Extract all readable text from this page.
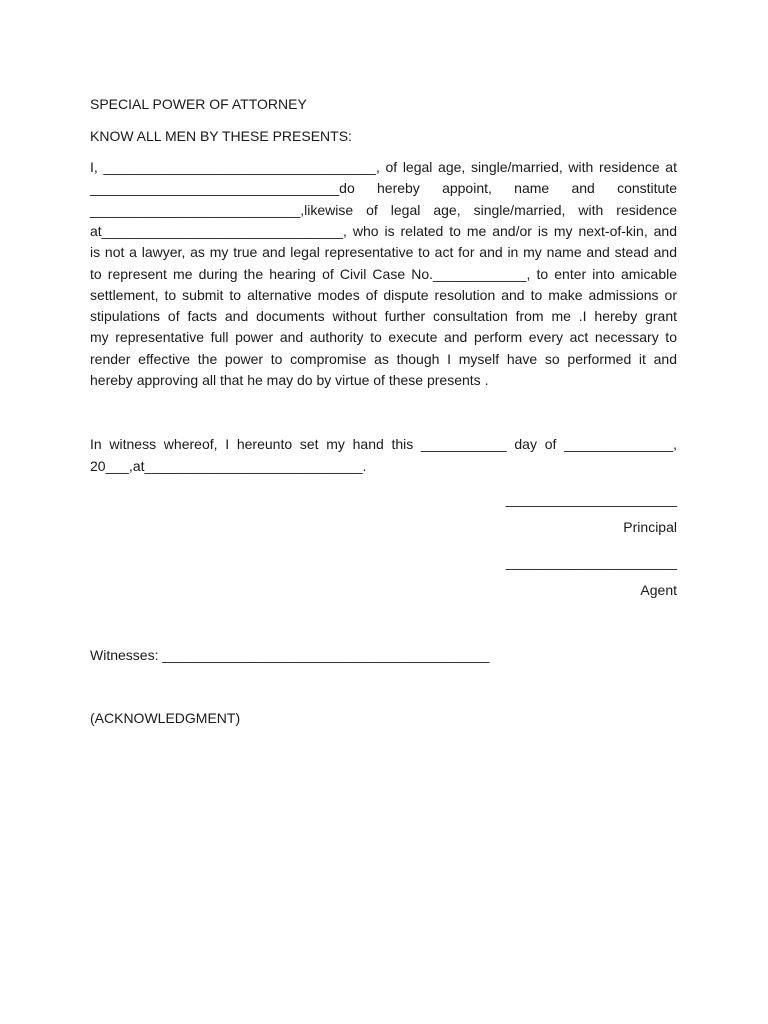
SPECIAL POWER OF ATTORNEY
KNOW ALL MEN BY THESE PRESENTS:
I, ___________________________________, of legal age, single/married, with residence at
________________________________do hereby appoint, name and constitute
___________________________,likewise of legal age, single/married, with residence
at_______________________________, who is related to me and/or is my next-of-kin, and
is not a lawyer, as my true and legal representative to act for and in my name and stead and
to represent me during the hearing of Civil Case No.____________, to enter into amicable
settlement, to submit to alternative modes of dispute resolution and to make admissions or
stipulations of facts and documents without further consultation from me .I hereby grant
my representative full power and authority to execute and perform every act necessary to
render effective the power to compromise as though I myself have so performed it and
hereby approving all that he may do by virtue of these presents .
In witness whereof, I hereunto set my hand this ___________ day of ______________,
20___,at____________________________.
______________________
Principal
______________________
Agent
Witnesses: __________________________________________
(ACKNOWLEDGMENT)
